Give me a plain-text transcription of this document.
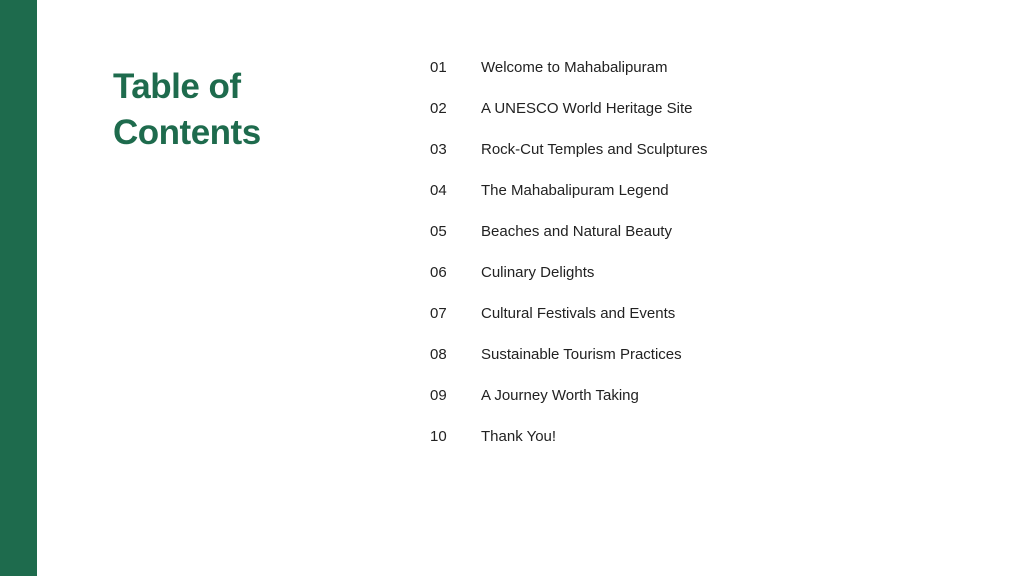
Table of Contents
01	Welcome to Mahabalipuram
02	A UNESCO World Heritage Site
03	Rock-Cut Temples and Sculptures
04	The Mahabalipuram Legend
05	Beaches and Natural Beauty
06	Culinary Delights
07	Cultural Festivals and Events
08	Sustainable Tourism Practices
09	A Journey Worth Taking
10	Thank You!
